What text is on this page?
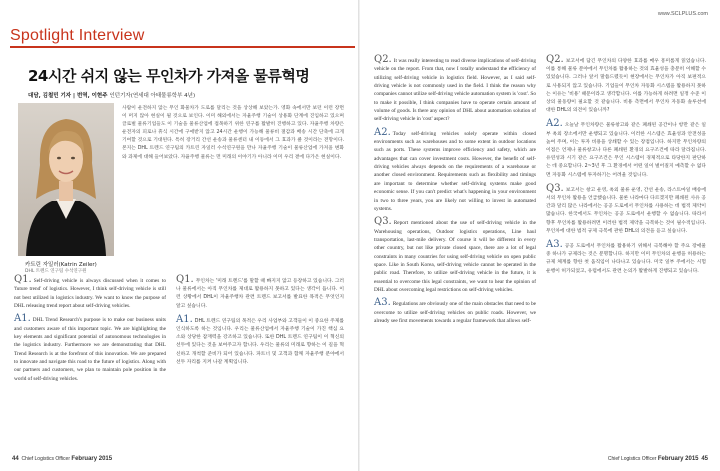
Spotlight Interview
24시간 쉬지 않는 무인차가 가져올 물류혁명
대담, 김철민 기자 | 번역, 이현주 인턴기자(연세대 아태물류학부 4년)
카트린 자일러(Katrin Zeiler)
DHL 트렌드 연구팀 수석연구원

사람이 운전하지 않는 무인 화물차가 도로를 달리는 것을 상상해 보았는가. 영화 속에서만 보던 이런 장면이 머지 않아 현실이 될 것으로 보인다. 이미 해외에서는 자율주행 기술이 상용화 단계에 진입하고 있으며 글로벌 물류기업들도 이 기술을 물류산업에 접목하기 위한 연구를 활발히 진행하고 있다. 자율주행 차량은 운전자의 피로나 휴식 시간에 구애받지 않고 24시간 운행이 가능해 물류비 절감과 배송 시간 단축에 크게 기여할 것으로 기대된다. 특히 장거리 간선 운송과 물류센터 내 이동에서 그 효과가 클 것이라는 전망이다. 본지는 DHL 트렌드 연구팀의 카트린 자일러 수석연구원을 만나 자율주행 기술이 물류산업에 가져올 변화와 과제에 대해 들어보았다. 자율주행 물류는 먼 미래의 이야기가 아니라 이미 우리 곁에 다가온 현실이다.

Q1. Self-driving vehicle is always discussed when it comes to 'future trend' of logistics. However, I think self-driving vehicle is still not best utilized in logistics industry. We want to know the purpose of DHL releasing trend report about self-driving vehicles.

A1. DHL Trend Research's purpose is to make our business units and customers aware of this important topic. We are highlighting the key elements and significant potential of autonomous technologies in the logistics industry. Furthermore we are demonstrating that DHL Trend Research is at the forefront of this innovation. We are prepared to innovate and navigate this road to the future of logistics. Along with our partners and customers, we plan to maintain pole position in the world of self-driving vehicles.

Q1. 무인차는 '미래 트렌드'를 말할 때 빠지지 않고 등장하고 있습니다. 그러나 물류에서는 아직 무인차를 제대로 활용하지 못하고 있다는 생각이 듭니다. 이런 상황에서 DHL이 자율주행차 관련 트렌드 보고서를 발표한 목적은 무엇인지 알고 싶습니다.

A1. DHL 트렌드 연구팀의 목적은 우리 사업부와 고객들이 이 중요한 주제를 인식하도록 하는 것입니다. 우리는 물류산업에서 자율주행 기술이 가진 핵심 요소와 상당한 잠재력을 강조하고 있습니다. 또한 DHL 트렌드 연구팀이 이 혁신의 선두에 있다는 것을 보여주고자 합니다. 우리는 물류의 미래로 향하는 이 길을 혁신하고 개척할 준비가 되어 있습니다. 파트너 및 고객과 함께 자율주행 분야에서 선두 자리를 지켜 나갈 계획입니다.

44 Chief Logistics Officer February 2015
www.SCLPLUS.com

Q2. It was really interesting to read diverse implications of self-driving vehicle on the report. From that, now I totally understand the efficiency of utilizing self-driving vehicle in logistics field. However, as I said self-driving vehicle is not commonly used in the field. I think the reason why companies cannot utilize self-driving vehicle automation system is 'cost'. So to make it possible, I think companies have to operate certain amount of volume of goods. Is there any opinion of DHL about automation solution of self-driving vehicle in 'cost' aspect?

A2. Today self-driving vehicles solely operate within closed environments such as warehouses and to some extent in outdoor locations such as ports. These systems improve efficiency and safety, which are advantages that can cover investment costs. However, the benefit of self-driving vehicles always depends on the requirements of a warehouse or another closed environment. Requirements such as flexibility and timings are important to determine whether self-driving systems make good economic sense. If you can't predict what's happening in your environment in two to three years, you are likely not willing to invest in automated systems.

Q3. Report mentioned about the use of self-driving vehicle in the Warehousing operations, Outdoor logistics operations, Line haul transportation, last-mile delivery. Of course it will be different in every other country, but not like private closed space, there are a lot of legal constraints in many countries for using self-driving vehicle on open public space. Like in South Korea, self-driving vehicle cannot be operated in the public road. Therefore, to utilize self-driving vehicle in the future, it is essential to overcome this legal constraints, we want to hear the opinion of DHL about overcoming legal restrictions on self-driving vehicles.

A3. Regulations are obviously one of the main obstacles that need to be overcome to utilize self-driving vehicles on public roads. However, we already see first movements towards a regular framework that allows self-

Q2. 보고서에 담긴 무인차의 다양한 효과를 매우 흥미롭게 읽었습니다. 이를 통해 물류 분야에서 무인차를 활용하는 것의 효율성을 충분히 이해할 수 있었습니다. 그러나 앞서 말씀드렸듯이 현장에서는 무인차가 아직 보편적으로 사용되지 않고 있습니다. 기업들이 무인차 자동화 시스템을 활용하지 못하는 이유는 '비용' 때문이라고 생각합니다. 이를 가능하게 하려면 일정 수준 이상의 물동량이 필요할 것 같습니다. 비용 측면에서 무인차 자동화 솔루션에 대한 DHL의 의견이 있습니까?

A2. 오늘날 무인차량은 물류창고와 같은 폐쇄된 공간이나 항만 같은 일부 옥외 장소에서만 운행되고 있습니다. 이러한 시스템은 효율성과 안전성을 높여 주며, 이는 투자 비용을 상쇄할 수 있는 장점입니다. 하지만 무인차량의 이점은 언제나 물류창고나 다른 폐쇄된 환경의 요구조건에 따라 달라집니다. 유연성과 시기 같은 요구조건은 무인 시스템이 경제적으로 타당한지 판단하는 데 중요합니다. 2~3년 후 그 환경에서 어떤 일이 벌어질지 예측할 수 없다면 자동화 시스템에 투자하기는 어려울 것입니다.

Q3. 보고서는 창고 운영, 옥외 물류 운영, 간선 운송, 라스트마일 배송에서의 무인차 활용을 언급했습니다. 물론 나라마다 다르겠지만 폐쇄된 사유 공간과 달리 많은 나라에서는 공공 도로에서 무인차를 사용하는 데 법적 제약이 많습니다. 한국에서도 무인차는 공공 도로에서 운행할 수 없습니다. 따라서 향후 무인차를 활용하려면 이러한 법적 제약을 극복하는 것이 필수적입니다. 무인차에 대한 법적 규제 극복에 관한 DHL의 의견을 듣고 싶습니다.

A3. 공공 도로에서 무인차를 활용하기 위해서 극복해야 할 주요 장애물 중 하나가 규제라는 것은 분명합니다. 하지만 이미 무인차의 운행을 허용하는 규제 체계를 향한 첫 움직임이 나타나고 있습니다. 미국 일부 주에서는 시험 운행이 허가되었고, 유럽에서도 관련 논의가 활발하게 진행되고 있습니다.

Chief Logistics Officer February 2015 45
